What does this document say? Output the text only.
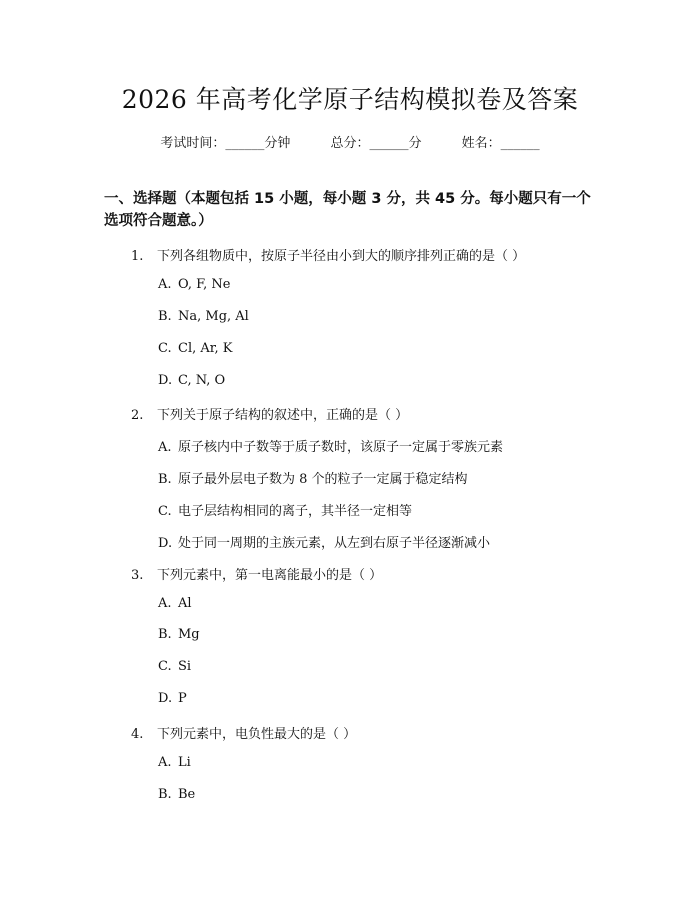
2026 年高考化学原子结构模拟卷及答案
考试时间：______分钟	总分：______分	姓名：______
一、选择题（本题包括 15 小题，每小题 3 分，共 45 分。每小题只有一个选项符合题意。）
1. 下列各组物质中，按原子半径由小到大的顺序排列正确的是（ ）
A. O, F, Ne
B. Na, Mg, Al
C. Cl, Ar, K
D. C, N, O
2. 下列关于原子结构的叙述中，正确的是（ ）
A. 原子核内中子数等于质子数时，该原子一定属于零族元素
B. 原子最外层电子数为 8 个的粒子一定属于稳定结构
C. 电子层结构相同的离子，其半径一定相等
D. 处于同一周期的主族元素，从左到右原子半径逐渐减小
3. 下列元素中，第一电离能最小的是（ ）
A. Al
B. Mg
C. Si
D. P
4. 下列元素中，电负性最大的是（ ）
A. Li
B. Be
